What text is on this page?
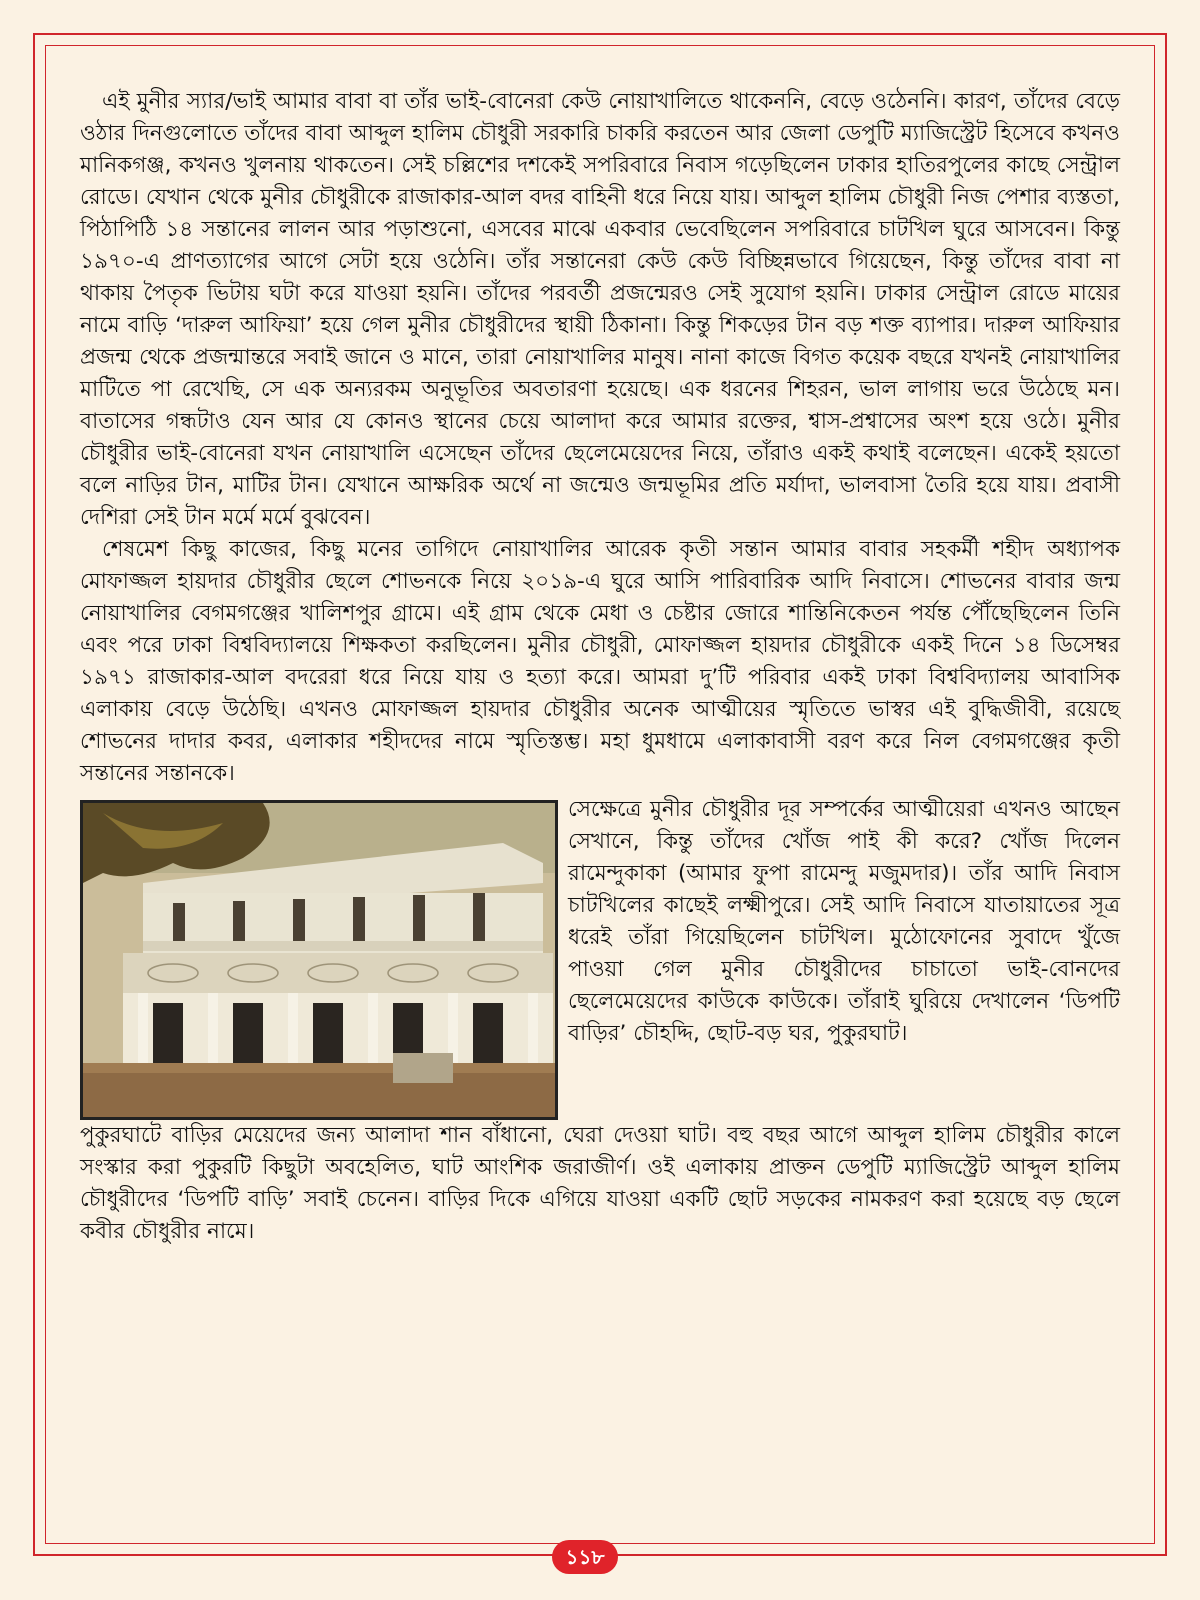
এই মুনীর স্যার/ভাই আমার বাবা বা তাঁর ভাই-বোনেরা কেউ নোয়াখালিতে থাকেননি, বেড়ে ওঠেননি। কারণ, তাঁদের বেড়ে ওঠার দিনগুলোতে তাঁদের বাবা আব্দুল হালিম চৌধুরী সরকারি চাকরি করতেন আর জেলা ডেপুটি ম্যাজিস্ট্রেট হিসেবে কখনও মানিকগঞ্জ, কখনও খুলনায় থাকতেন। সেই চল্লিশের দশকেই সপরিবারে নিবাস গড়েছিলেন ঢাকার হাতিরপুলের কাছে সেন্ট্রাল রোডে। যেখান থেকে মুনীর চৌধুরীকে রাজাকার-আল বদর বাহিনী ধরে নিয়ে যায়। আব্দুল হালিম চৌধুরী নিজ পেশার ব্যস্ততা, পিঠাপিঠি ১৪ সন্তানের লালন আর পড়াশুনো, এসবের মাঝে একবার ভেবেছিলেন সপরিবারে চাটখিল ঘুরে আসবেন। কিন্তু ১৯৭০-এ প্রাণত্যাগের আগে সেটা হয়ে ওঠেনি। তাঁর সন্তানেরা কেউ কেউ বিচ্ছিন্নভাবে গিয়েছেন, কিন্তু তাঁদের বাবা না থাকায় পৈতৃক ভিটায় ঘটা করে যাওয়া হয়নি। তাঁদের পরবর্তী প্রজন্মেরও সেই সুযোগ হয়নি। ঢাকার সেন্ট্রাল রোডে মায়ের নামে বাড়ি ‘দারুল আফিয়া’ হয়ে গেল মুনীর চৌধুরীদের স্থায়ী ঠিকানা। কিন্তু শিকড়ের টান বড় শক্ত ব্যাপার। দারুল আফিয়ার প্রজন্ম থেকে প্রজন্মান্তরে সবাই জানে ও মানে, তারা নোয়াখালির মানুষ। নানা কাজে বিগত কয়েক বছরে যখনই নোয়াখালির মাটিতে পা রেখেছি, সে এক অন্যরকম অনুভূতির অবতারণা হয়েছে। এক ধরনের শিহরন, ভাল লাগায় ভরে উঠেছে মন। বাতাসের গন্ধটাও যেন আর যে কোনও স্থানের চেয়ে আলাদা করে আমার রক্তের, শ্বাস-প্রশ্বাসের অংশ হয়ে ওঠে। মুনীর চৌধুরীর ভাই-বোনেরা যখন নোয়াখালি এসেছেন তাঁদের ছেলেমেয়েদের নিয়ে, তাঁরাও একই কথাই বলেছেন। একেই হয়তো বলে নাড়ির টান, মাটির টান। যেখানে আক্ষরিক অর্থে না জন্মেও জন্মভূমির প্রতি মর্যাদা, ভালবাসা তৈরি হয়ে যায়। প্রবাসী দেশিরা সেই টান মর্মে মর্মে বুঝবেন।

শেষমেশ কিছু কাজের, কিছু মনের তাগিদে নোয়াখালির আরেক কৃতী সন্তান আমার বাবার সহকর্মী শহীদ অধ্যাপক মোফাজ্জল হায়দার চৌধুরীর ছেলে শোভনকে নিয়ে ২০১৯-এ ঘুরে আসি পারিবারিক আদি নিবাসে। শোভনের বাবার জন্ম নোয়াখালির বেগমগঞ্জের খালিশপুর গ্রামে। এই গ্রাম থেকে মেধা ও চেষ্টার জোরে শান্তিনিকেতন পর্যন্ত পৌঁছেছিলেন তিনি এবং পরে ঢাকা বিশ্ববিদ্যালয়ে শিক্ষকতা করছিলেন। মুনীর চৌধুরী, মোফাজ্জল হায়দার চৌধুরীকে একই দিনে ১৪ ডিসেম্বর ১৯৭১ রাজাকার-আল বদরেরা ধরে নিয়ে যায় ও হত্যা করে। আমরা দু’টি পরিবার একই ঢাকা বিশ্ববিদ্যালয় আবাসিক এলাকায় বেড়ে উঠেছি। এখনও মোফাজ্জল হায়দার চৌধুরীর অনেক আত্মীয়ের স্মৃতিতে ভাস্বর এই বুদ্ধিজীবী, রয়েছে শোভনের দাদার কবর, এলাকার শহীদদের নামে স্মৃতিস্তম্ভ। মহা ধুমধামে এলাকাবাসী বরণ করে নিল বেগমগঞ্জের কৃতী সন্তানের সন্তানকে।

সেক্ষেত্রে মুনীর চৌধুরীর দূর সম্পর্কের আত্মীয়েরা এখনও আছেন সেখানে, কিন্তু তাঁদের খোঁজ পাই কী করে? খোঁজ দিলেন রামেন্দুকাকা (আমার ফুপা রামেন্দু মজুমদার)। তাঁর আদি নিবাস চাটখিলের কাছেই লক্ষ্মীপুরে। সেই আদি নিবাসে যাতায়াতের সূত্র ধরেই তাঁরা গিয়েছিলেন চাটখিল। মুঠোফোনের সুবাদে খুঁজে পাওয়া গেল মুনীর চৌধুরীদের চাচাতো ভাই-বোনদের ছেলেমেয়েদের কাউকে কাউকে। তাঁরাই ঘুরিয়ে দেখালেন ‘ডিপটি বাড়ির’ চৌহদ্দি, ছোট-বড় ঘর, পুকুরঘাট।

পুকুরঘাটে বাড়ির মেয়েদের জন্য আলাদা শান বাঁধানো, ঘেরা দেওয়া ঘাট। বহু বছর আগে আব্দুল হালিম চৌধুরীর কালে সংস্কার করা পুকুরটি কিছুটা অবহেলিত, ঘাট আংশিক জরাজীর্ণ। ওই এলাকায় প্রাক্তন ডেপুটি ম্যাজিস্ট্রেট আব্দুল হালিম চৌধুরীদের ‘ডিপটি বাড়ি’ সবাই চেনেন। বাড়ির দিকে এগিয়ে যাওয়া একটি ছোট সড়কের নামকরণ করা হয়েছে বড় ছেলে কবীর চৌধুরীর নামে।

১১৮
